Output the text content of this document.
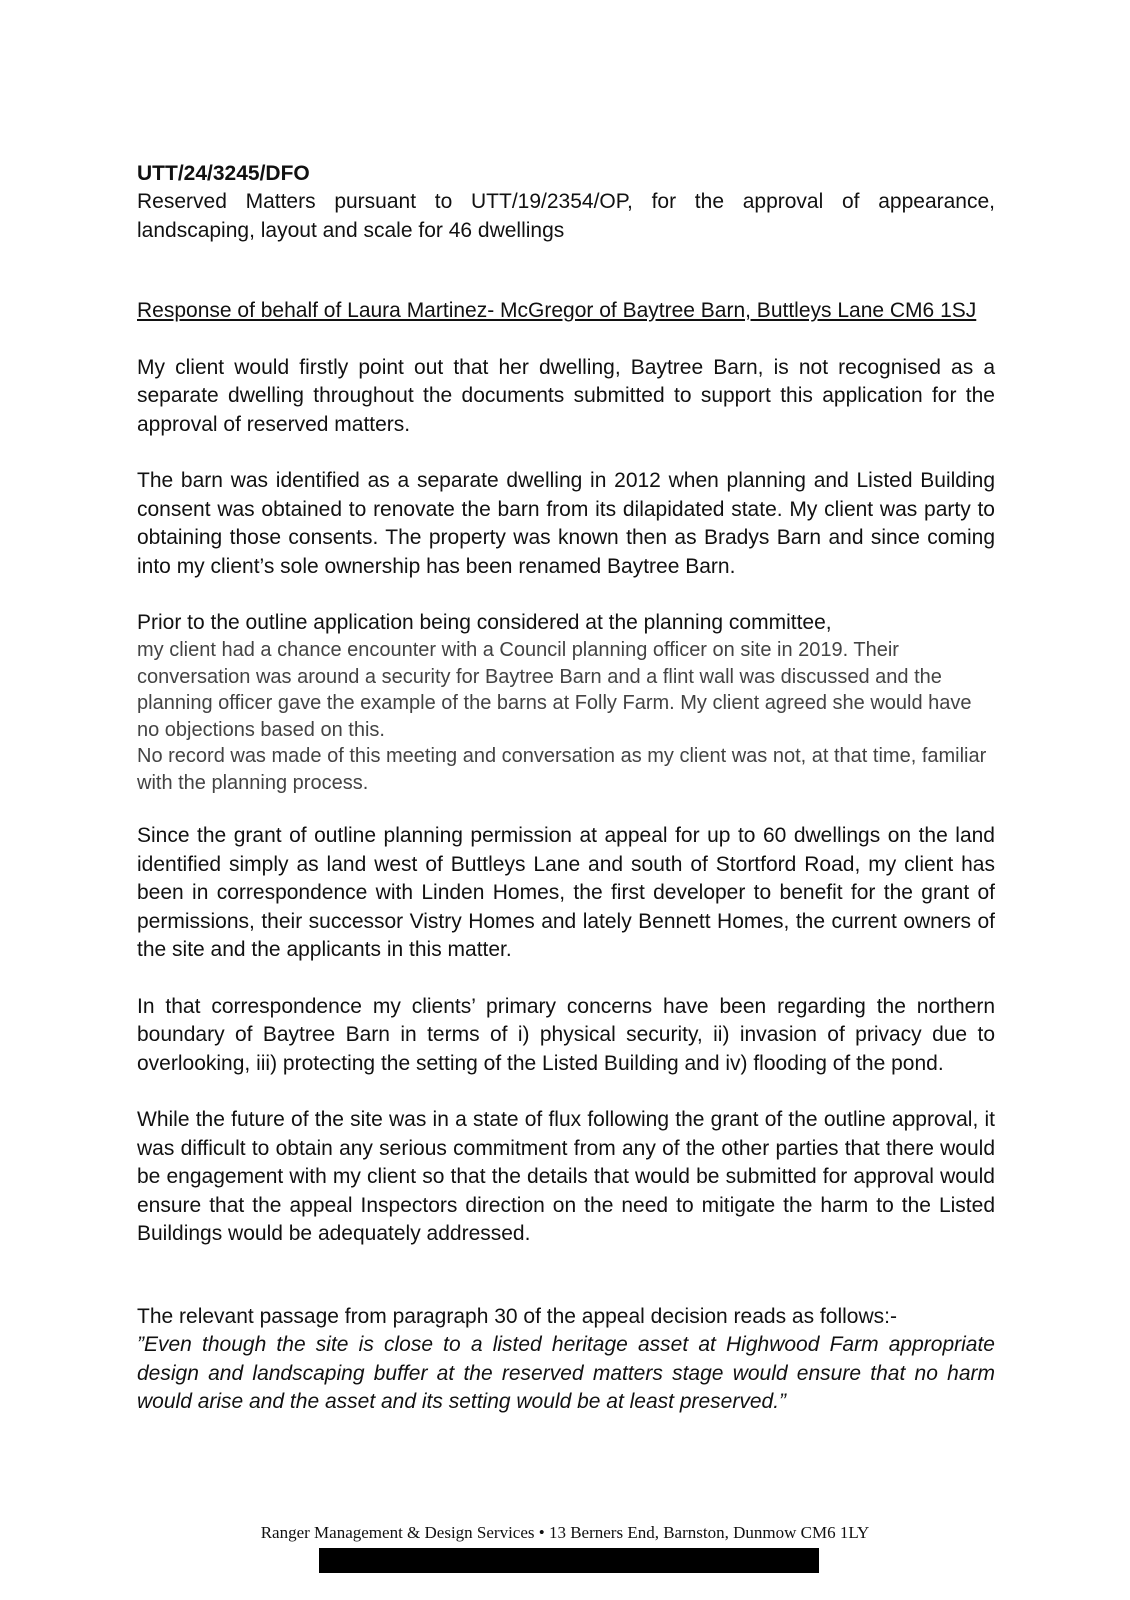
UTT/24/3245/DFO

Reserved Matters pursuant to UTT/19/2354/OP, for the approval of appearance, landscaping, layout and scale for 46 dwellings

Response of behalf of Laura Martinez- McGregor of Baytree Barn, Buttleys Lane CM6 1SJ

My client would firstly point out that her dwelling, Baytree Barn, is not recognised as a separate dwelling throughout the documents submitted to support this application for the approval of reserved matters.

The barn was identified as a separate dwelling in 2012 when planning and Listed Building consent was obtained to renovate the barn from its dilapidated state. My client was party to obtaining those consents. The property was known then as Bradys Barn and since coming into my client’s sole ownership has been renamed Baytree Barn.

Prior to the outline application being considered at the planning committee,
my client had a chance encounter with a Council planning officer on site in 2019. Their conversation was around a security for Baytree Barn and a flint wall was discussed and the planning officer gave the example of the barns at Folly Farm. My client agreed she would have no objections based on this.
No record was made of this meeting and conversation as my client was not, at that time, familiar with the planning process.

Since the grant of outline planning permission at appeal for up to 60 dwellings on the land identified simply as land west of Buttleys Lane and south of Stortford Road, my client has been in correspondence with Linden Homes, the first developer to benefit for the grant of permissions, their successor Vistry Homes and lately Bennett Homes, the current owners of the site and the applicants in this matter.

In that correspondence my clients’ primary concerns have been regarding the northern boundary of Baytree Barn in terms of i) physical security, ii) invasion of privacy due to overlooking, iii) protecting the setting of the Listed Building and iv) flooding of the pond.

While the future of the site was in a state of flux following the grant of the outline approval, it was difficult to obtain any serious commitment from any of the other parties that there would be engagement with my client so that the details that would be submitted for approval would ensure that the appeal Inspectors direction on the need to mitigate the harm to the Listed Buildings would be adequately addressed.

The relevant passage from paragraph 30 of the appeal decision reads as follows:-

”Even though the site is close to a listed heritage asset at Highwood Farm appropriate design and landscaping buffer at the reserved matters stage would ensure that no harm would arise and the asset and its setting would be at least preserved.”

Ranger Management & Design Services • 13 Berners End, Barnston, Dunmow CM6 1LY
